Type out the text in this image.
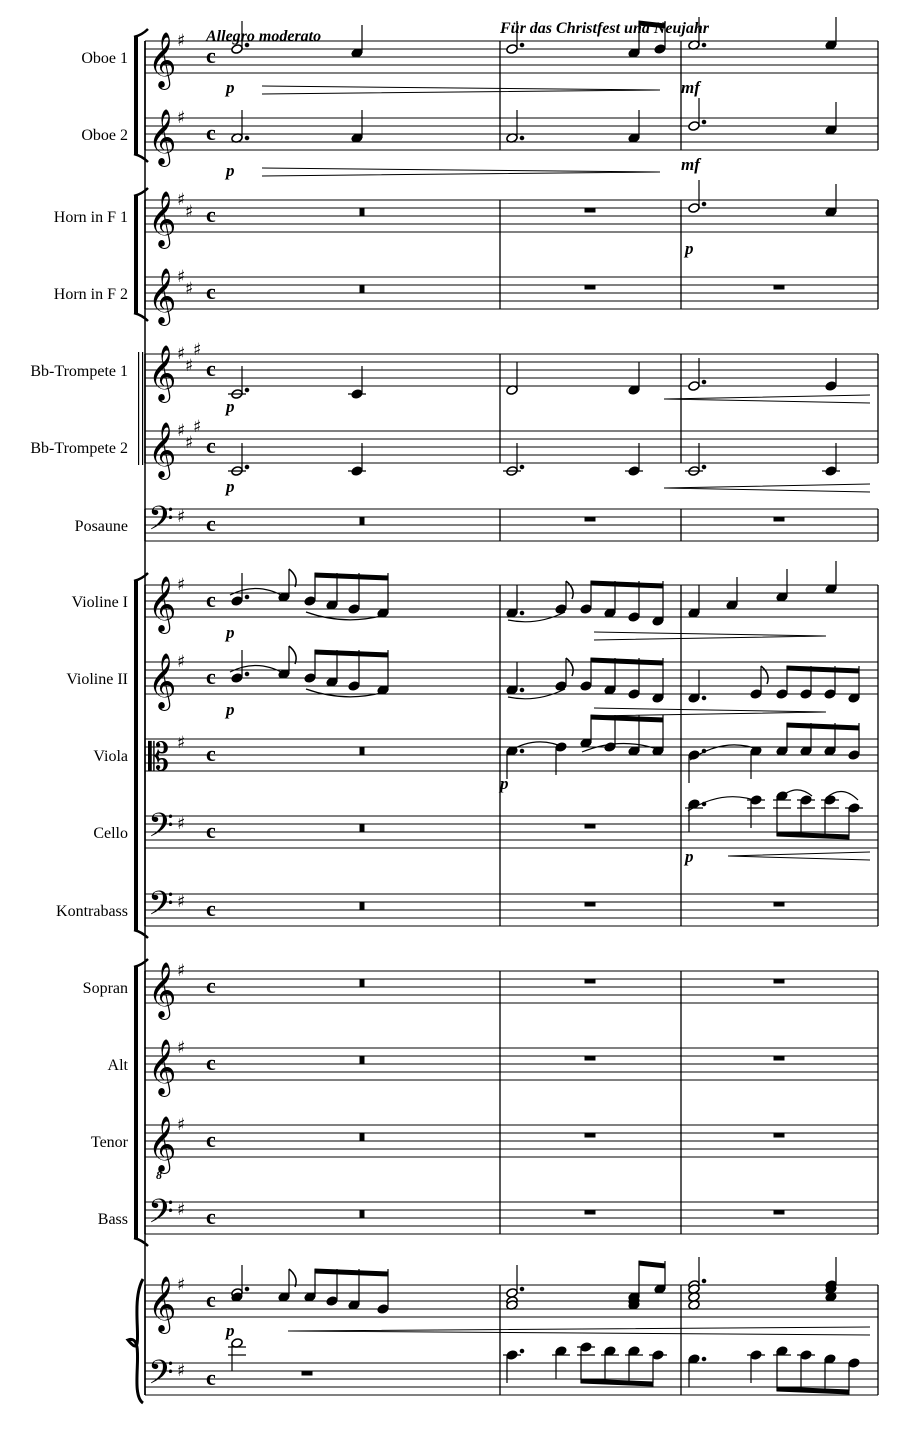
𝄞 ♯
c
𝄞 ♯
c
𝄞 ♯
♯ c
𝄞 ♯
♯ c
𝄞 ♯
♯
♯
c
𝄞 ♯
♯
♯
c
𝄢 ♯ c
𝄞 ♯
c
𝄞 ♯
c
𝄡 ♯ c
𝄢 ♯ c
𝄢 ♯ c
𝄞 ♯
c
𝄞 ♯
c
𝄞
8
♯
c
𝄢 ♯ c
𝄞 ♯
c
𝄢 ♯ c
Allegro moderato	Für das Christfest und Neujahr
Oboe 1
Oboe 2
Horn in F 1
Horn in F 2
Bb-Trompete 1
Bb-Trompete 2
Posaune
Violine I
Violine II
Viola
Cello
Kontrabass
Sopran
Alt
Tenor
Bass
p	mf
p	mf
p
p
p
p
p
p
p
p
